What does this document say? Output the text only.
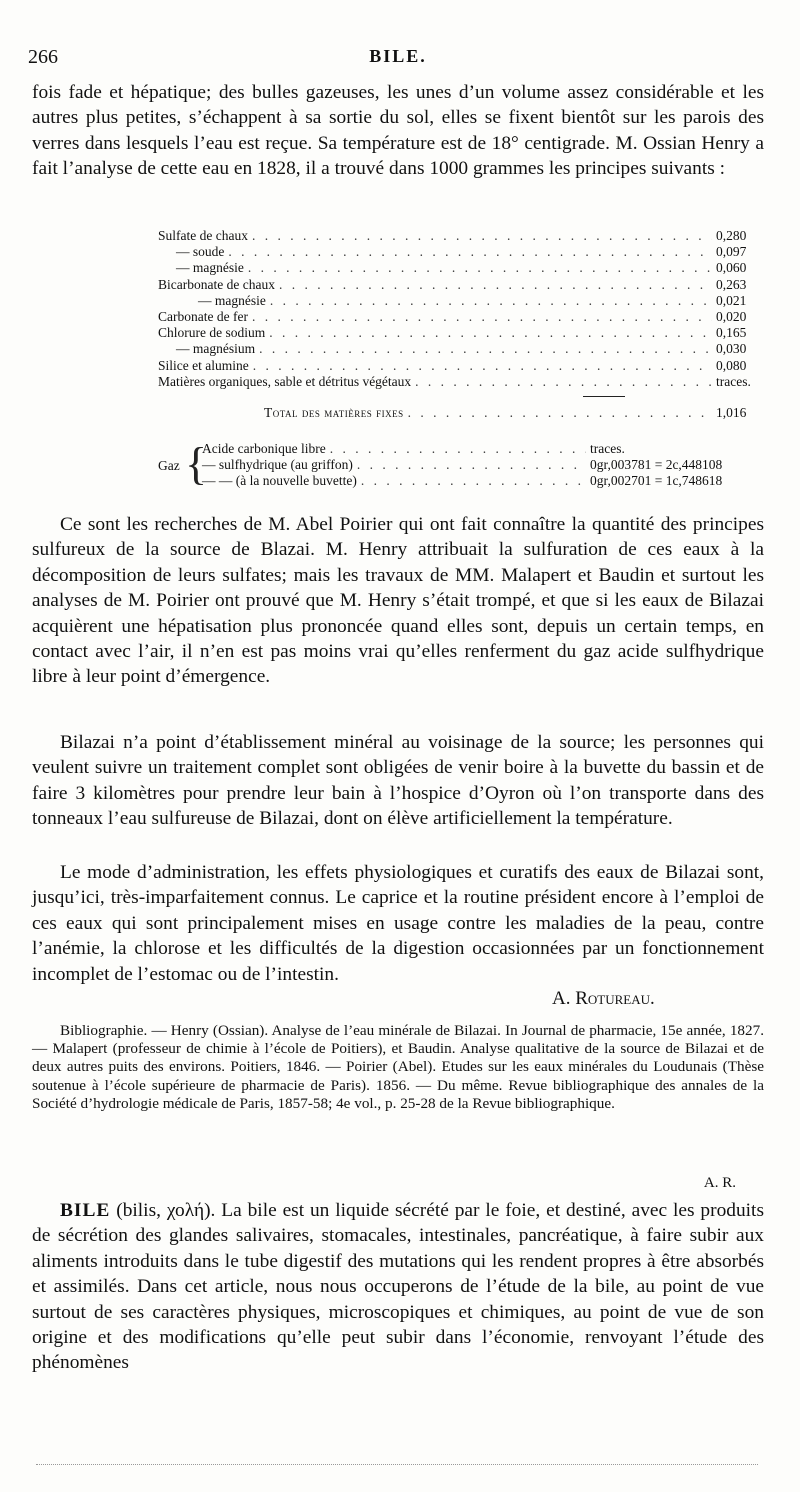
266	BILE.

fois fade et hépatique; des bulles gazeuses, les unes d’un volume assez considérable et les autres plus petites, s’échappent à sa sortie du sol, elles se fixent bientôt sur les parois des verres dans lesquels l’eau est reçue. Sa température est de 18° centigrade. M. Ossian Henry a fait l’analyse de cette eau en 1828, il a trouvé dans 1000 grammes les principes suivants :

Sulfate de chaux . . .	0,280
— soude . . .	0,097
— magnésie . . .	0,060
Bicarbonate de chaux . . .	0,263
— magnésie . . .	0,021
Carbonate de fer . . .	0,020
Chlorure de sodium . . .	0,165
— magnésium . . .	0,030
Silice et alumine . . .	0,080
Matières organiques, sable et détritus végétaux . . .	traces.
Total des matières fixes . . .	1,016
Gaz {
Acide carbonique libre . . .	traces.
— sulfhydrique (au griffon) . . .	0gr,003781 = 2c,448108
— — (à la nouvelle buvette) . . .	0gr,002701 = 1c,748618

Ce sont les recherches de M. Abel Poirier qui ont fait connaître la quantité des principes sulfureux de la source de Blazai. M. Henry attribuait la sulfuration de ces eaux à la décomposition de leurs sulfates; mais les travaux de MM. Malapert et Baudin et surtout les analyses de M. Poirier ont prouvé que M. Henry s’était trompé, et que si les eaux de Bilazai acquièrent une hépatisation plus prononcée quand elles sont, depuis un certain temps, en contact avec l’air, il n’en est pas moins vrai qu’elles renferment du gaz acide sulfhydrique libre à leur point d’émergence.

Bilazai n’a point d’établissement minéral au voisinage de la source; les personnes qui veulent suivre un traitement complet sont obligées de venir boire à la buvette du bassin et de faire 3 kilomètres pour prendre leur bain à l’hospice d’Oyron où l’on transporte dans des tonneaux l’eau sulfureuse de Bilazai, dont on élève artificiellement la température.

Le mode d’administration, les effets physiologiques et curatifs des eaux de Bilazai sont, jusqu’ici, très-imparfaitement connus. Le caprice et la routine président encore à l’emploi de ces eaux qui sont principalement mises en usage contre les maladies de la peau, contre l’anémie, la chlorose et les difficultés de la digestion occasionnées par un fonctionnement incomplet de l’estomac ou de l’intestin.

A. Rotureau.

Bibliographie. — Henry (Ossian). Analyse de l’eau minérale de Bilazai. In Journal de pharmacie, 15e année, 1827. — Malapert (professeur de chimie à l’école de Poitiers), et Baudin. Analyse qualitative de la source de Bilazai et de deux autres puits des environs. Poitiers, 1846. — Poirier (Abel). Etudes sur les eaux minérales du Loudunais (Thèse soutenue à l’école supérieure de pharmacie de Paris). 1856. — Du même. Revue bibliographique des annales de la Société d’hydrologie médicale de Paris, 1857-58; 4e vol., p. 25-28 de la Revue bibliographique.

A. R.

BILE (bilis, χολή). La bile est un liquide sécrété par le foie, et destiné, avec les produits de sécrétion des glandes salivaires, stomacales, intestinales, pancréatique, à faire subir aux aliments introduits dans le tube digestif des mutations qui les rendent propres à être absorbés et assimilés. Dans cet article, nous nous occuperons de l’étude de la bile, au point de vue surtout de ses caractères physiques, microscopiques et chimiques, au point de vue de son origine et des modifications qu’elle peut subir dans l’économie, renvoyant l’étude des phénomènes
